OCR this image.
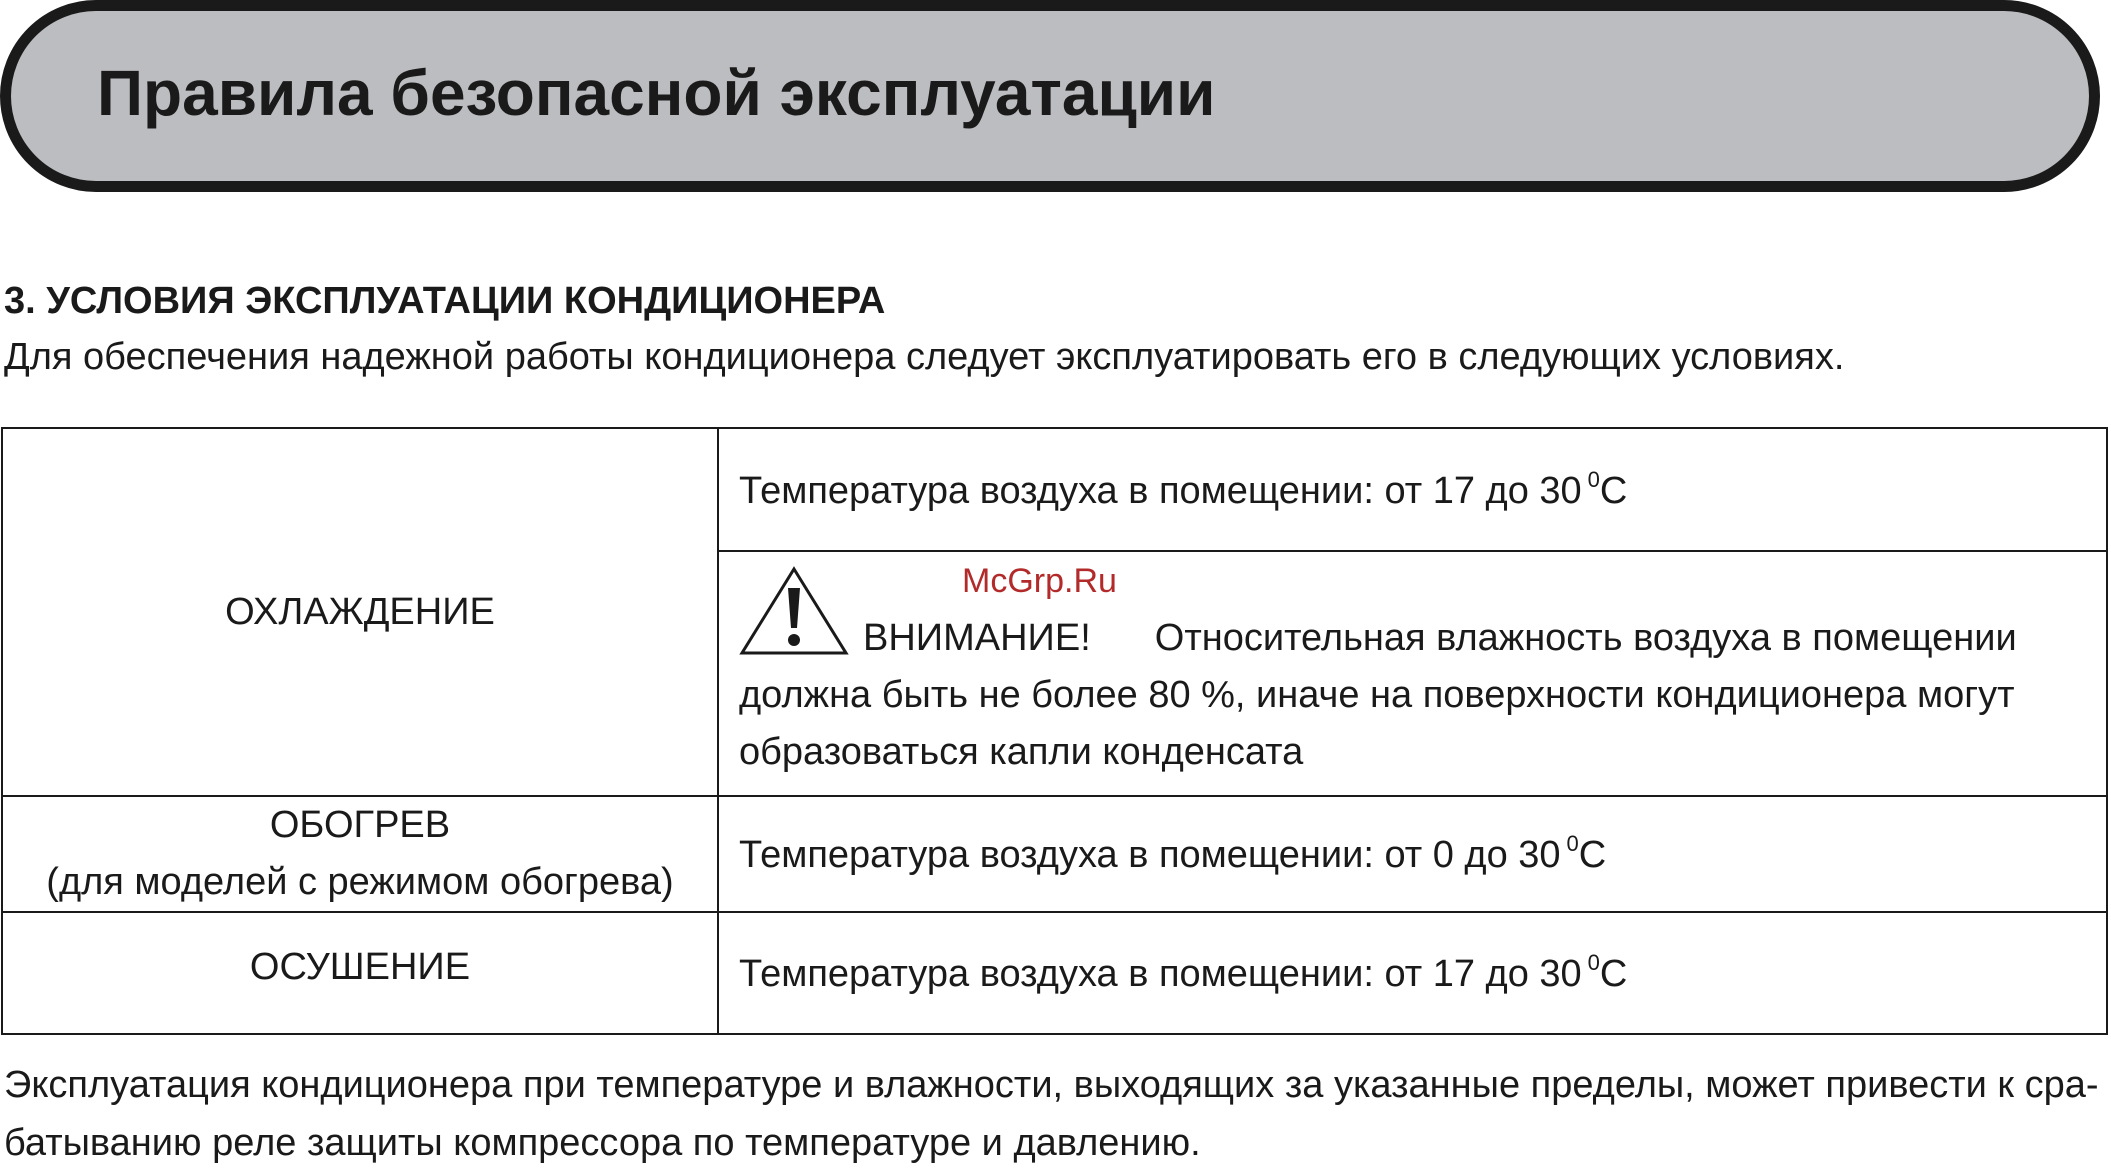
Правила безопасной эксплуатации
3. УСЛОВИЯ ЭКСПЛУАТАЦИИ КОНДИЦИОНЕРА
Для обеспечения надежной работы кондиционера следует эксплуатировать его в следующих условиях.
ОХЛАЖДЕНИЕ	Температура воздуха в помещении: от 17 до 30 $^0$С

	ВНИМАНИЕ! Относительная влажность воздуха в помещении
должна быть не более 80 %, иначе на поверхности кондиционера могут
образоваться капли конденсата

ОБОГРЕВ
(для моделей с режимом обогрева)	Температура воздуха в помещении: от 0 до 30 $^0$С
ОСУШЕНИЕ	Температура воздуха в помещении: от 17 до 30 $^0$С
McGrp.Ru
Эксплуатация кондиционера при температуре и влажности, выходящих за указанные пределы, может привести к сра-
батыванию реле защиты компрессора по температуре и давлению.
